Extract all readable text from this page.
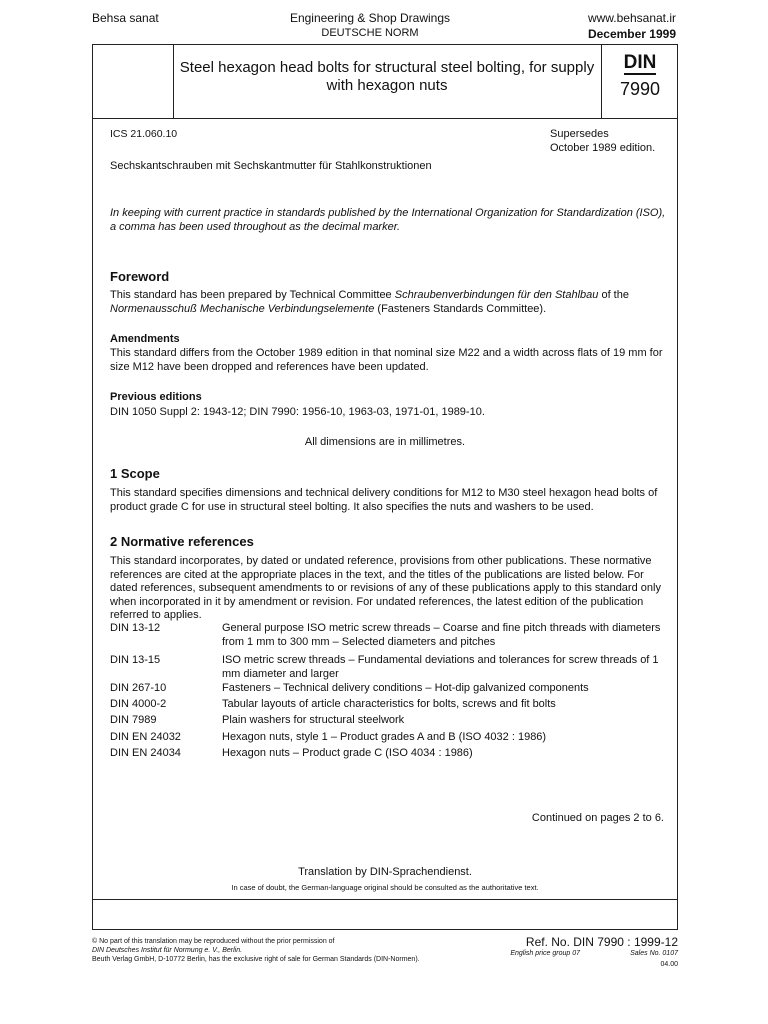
Behsa sanat	Engineering & Shop Drawings
DEUTSCHE NORM
www.behsanat.ir
December 1999
Steel hexagon head bolts for structural steel bolting, for supply with hexagon nuts
DIN
7990
ICS 21.060.10	Supersedes
October 1989 edition.
Sechskantschrauben mit Sechskantmutter für Stahlkonstruktionen
In keeping with current practice in standards published by the International Organization for Standardization (ISO), a comma has been used throughout as the decimal marker.
Foreword
This standard has been prepared by Technical Committee Schraubenverbindungen für den Stahlbau of the Normenausschuß Mechanische Verbindungselemente (Fasteners Standards Committee).
Amendments
This standard differs from the October 1989 edition in that nominal size M22 and a width across flats of 19 mm for size M12 have been dropped and references have been updated.
Previous editions
DIN 1050 Suppl 2: 1943-12; DIN 7990: 1956-10, 1963-03, 1971-01, 1989-10.
All dimensions are in millimetres.
1 Scope
This standard specifies dimensions and technical delivery conditions for M12 to M30 steel hexagon head bolts of product grade C for use in structural steel bolting. It also specifies the nuts and washers to be used.
2 Normative references
This standard incorporates, by dated or undated reference, provisions from other publications. These normative references are cited at the appropriate places in the text, and the titles of the publications are listed below. For dated references, subsequent amendments to or revisions of any of these publications apply to this standard only when incorporated in it by amendment or revision. For undated references, the latest edition of the publication referred to applies.
DIN 13-12	General purpose ISO metric screw threads – Coarse and fine pitch threads with diameters from 1 mm to 300 mm – Selected diameters and pitches
DIN 13-15	ISO metric screw threads – Fundamental deviations and tolerances for screw threads of 1 mm diameter and larger
DIN 267-10	Fasteners – Technical delivery conditions – Hot-dip galvanized components
DIN 4000-2	Tabular layouts of article characteristics for bolts, screws and fit bolts
DIN 7989	Plain washers for structural steelwork
DIN EN 24032	Hexagon nuts, style 1 – Product grades A and B (ISO 4032 : 1986)
DIN EN 24034	Hexagon nuts – Product grade C (ISO 4034 : 1986)
Continued on pages 2 to 6.
Translation by DIN-Sprachendienst.
In case of doubt, the German-language original should be consulted as the authoritative text.
© No part of this translation may be reproduced without the prior permission of
DIN Deutsches Institut für Normung e. V., Berlin.
Beuth Verlag GmbH, D-10772 Berlin, has the exclusive right of sale for German Standards (DIN-Normen).
Ref. No. DIN 7990 : 1999-12
English price group 07	Sales No. 0107
04.00
